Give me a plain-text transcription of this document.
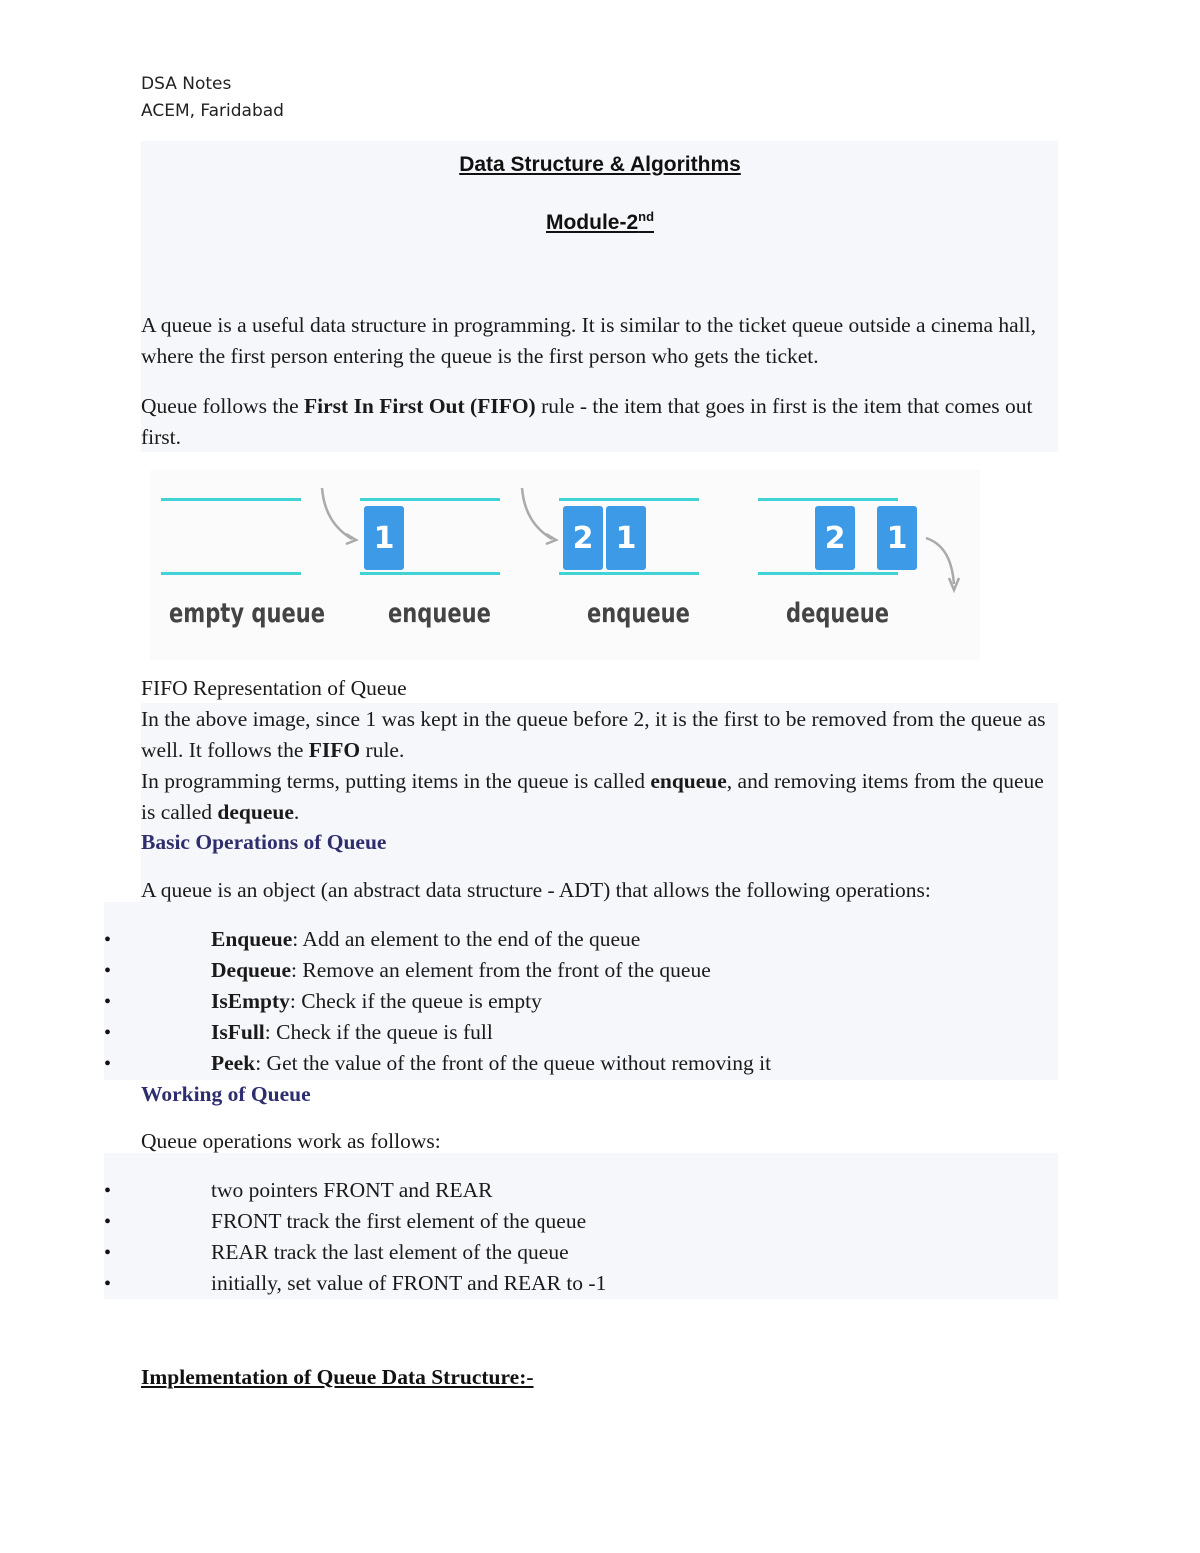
DSA Notes
ACEM, Faridabad
Data Structure & Algorithms
Module-2nd
A queue is a useful data structure in programming. It is similar to the ticket queue outside a cinema hall, where the first person entering the queue is the first person who gets the ticket.
Queue follows the First In First Out (FIFO) rule - the item that goes in first is the item that comes out first.
empty queue
1
enqueue
2 1
enqueue
2	1
dequeue
FIFO Representation of Queue
In the above image, since 1 was kept in the queue before 2, it is the first to be removed from the queue as well. It follows the FIFO rule.
In programming terms, putting items in the queue is called enqueue, and removing items from the queue is called dequeue.
Basic Operations of Queue
A queue is an object (an abstract data structure - ADT) that allows the following operations:
•	Enqueue: Add an element to the end of the queue
•	Dequeue: Remove an element from the front of the queue
•	IsEmpty: Check if the queue is empty
•	IsFull: Check if the queue is full
•	Peek: Get the value of the front of the queue without removing it
Working of Queue
Queue operations work as follows:
•	two pointers FRONT and REAR
•	FRONT track the first element of the queue
•	REAR track the last element of the queue
•	initially, set value of FRONT and REAR to -1
Implementation of Queue Data Structure:-
